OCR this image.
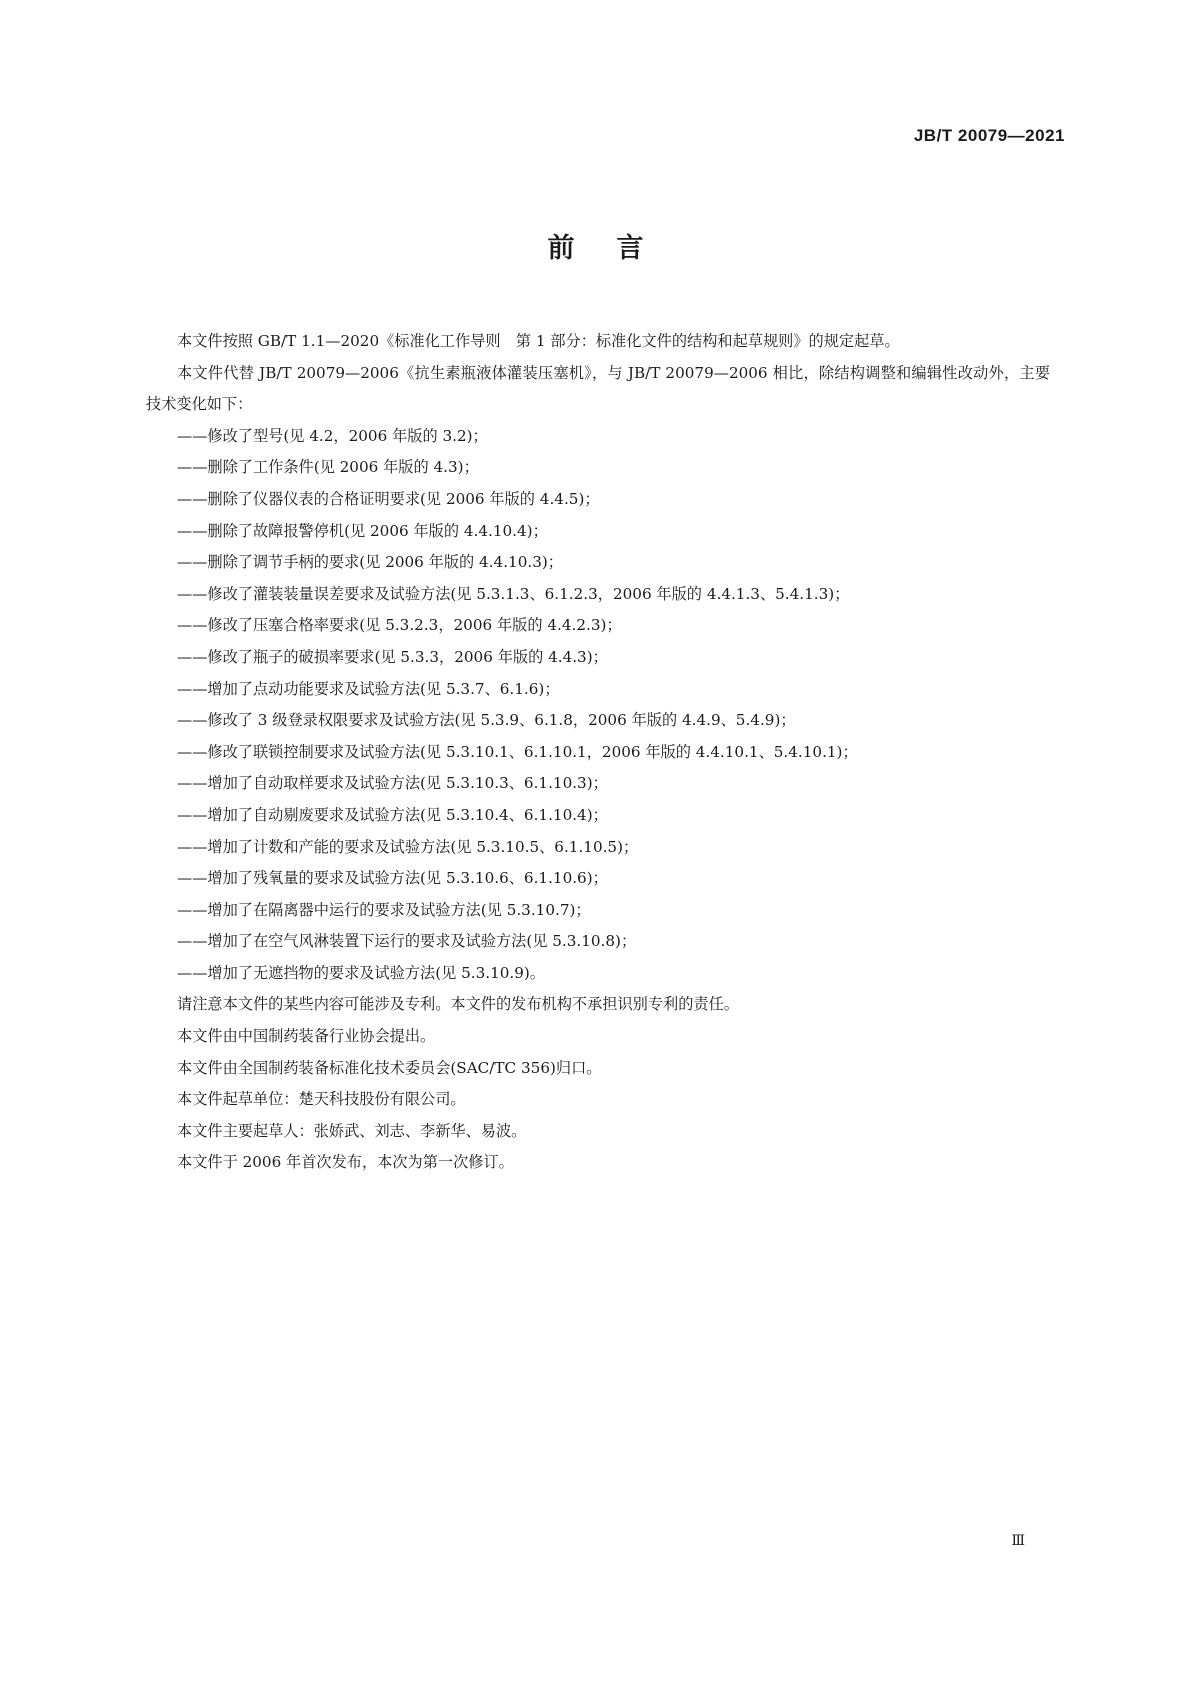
JB/T 20079—2021
前言

本文件按照 GB/T 1.1—2020《标准化工作导则　第 1 部分：标准化文件的结构和起草规则》的规定起草。

本文件代替 JB/T 20079—2006《抗生素瓶液体灌装压塞机》，与 JB/T 20079—2006 相比，除结构调整和编辑性改动外，主要技术变化如下：

——修改了型号(见 4.2，2006 年版的 3.2)；

——删除了工作条件(见 2006 年版的 4.3)；

——删除了仪器仪表的合格证明要求(见 2006 年版的 4.4.5)；

——删除了故障报警停机(见 2006 年版的 4.4.10.4)；

——删除了调节手柄的要求(见 2006 年版的 4.4.10.3)；

——修改了灌装装量误差要求及试验方法(见 5.3.1.3、6.1.2.3，2006 年版的 4.4.1.3、5.4.1.3)；

——修改了压塞合格率要求(见 5.3.2.3，2006 年版的 4.4.2.3)；

——修改了瓶子的破损率要求(见 5.3.3，2006 年版的 4.4.3)；

——增加了点动功能要求及试验方法(见 5.3.7、6.1.6)；

——修改了 3 级登录权限要求及试验方法(见 5.3.9、6.1.8，2006 年版的 4.4.9、5.4.9)；

——修改了联锁控制要求及试验方法(见 5.3.10.1、6.1.10.1，2006 年版的 4.4.10.1、5.4.10.1)；

——增加了自动取样要求及试验方法(见 5.3.10.3、6.1.10.3)；

——增加了自动剔废要求及试验方法(见 5.3.10.4、6.1.10.4)；

——增加了计数和产能的要求及试验方法(见 5.3.10.5、6.1.10.5)；

——增加了残氧量的要求及试验方法(见 5.3.10.6、6.1.10.6)；

——增加了在隔离器中运行的要求及试验方法(见 5.3.10.7)；

——增加了在空气风淋装置下运行的要求及试验方法(见 5.3.10.8)；

——增加了无遮挡物的要求及试验方法(见 5.3.10.9)。

请注意本文件的某些内容可能涉及专利。本文件的发布机构不承担识别专利的责任。

本文件由中国制药装备行业协会提出。

本文件由全国制药装备标准化技术委员会(SAC/TC 356)归口。

本文件起草单位：楚天科技股份有限公司。

本文件主要起草人：张娇武、刘志、李新华、易波。

本文件于 2006 年首次发布，本次为第一次修订。

Ⅲ
